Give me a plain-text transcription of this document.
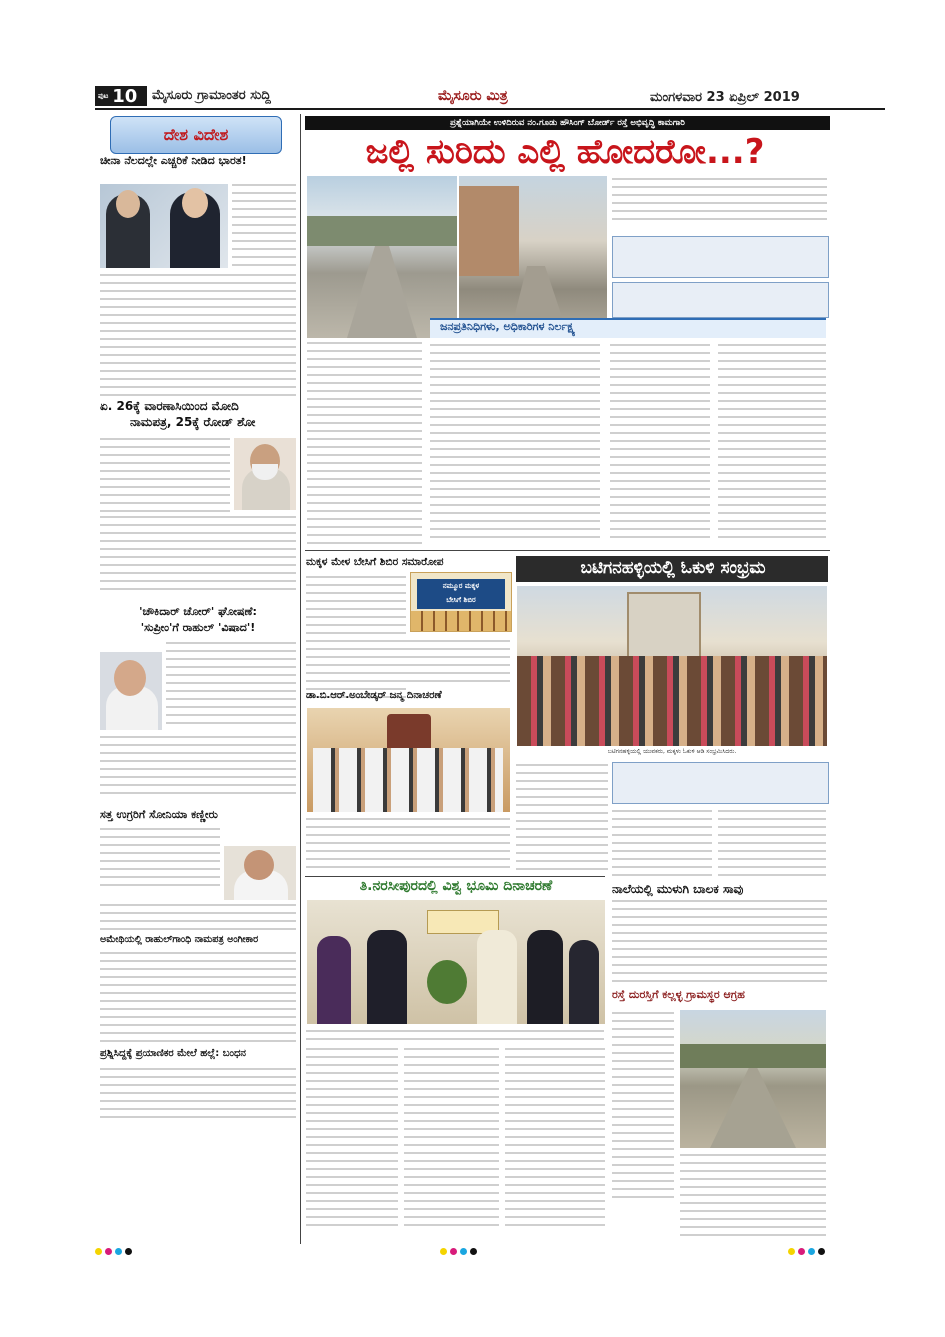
ಪುಟ 10 ಮೈಸೂರು ಗ್ರಾಮಾಂತರ ಸುದ್ದಿ	ಮೈಸೂರು ಮಿತ್ರ	ಮಂಗಳವಾರ 23 ಏಪ್ರಿಲ್ 2019
ದೇಶ ವಿದೇಶ
ಚೀನಾ ನೆಲದಲ್ಲೇ ಎಚ್ಚರಿಕೆ ನೀಡಿದ ಭಾರತ!
ಏ. 26ಕ್ಕೆ ವಾರಣಾಸಿಯಿಂದ ಮೋದಿ
ನಾಮಪತ್ರ, 25ಕ್ಕೆ ರೋಡ್ ಶೋ
'ಚೌಕಿದಾರ್ ಚೋರ್' ಘೋಷಣೆ:
'ಸುಪ್ರೀಂ'ಗೆ ರಾಹುಲ್ 'ವಿಷಾದ'!
ಸತ್ತ ಉಗ್ರರಿಗೆ ಸೋನಿಯಾ ಕಣ್ಣೀರು
ಅಮೇಥಿಯಲ್ಲಿ ರಾಹುಲ್‌ಗಾಂಧಿ ನಾಮಪತ್ರ ಅಂಗೀಕಾರ
ಪ್ರಶ್ನಿಸಿದ್ದಕ್ಕೆ ಪ್ರಯಾಣಿಕರ ಮೇಲೆ ಹಲ್ಲೆ: ಬಂಧನ
ಪ್ರಶ್ನೆಯಾಗಿಯೇ ಉಳಿದಿರುವ ನಂ.ಗೂಡು ಹೌಸಿಂಗ್ ಬೋರ್ಡ್ ರಸ್ತೆ ಅಭಿವೃದ್ಧಿ ಕಾಮಗಾರಿ
ಜಲ್ಲಿ ಸುರಿದು ಎಲ್ಲಿ ಹೋದರೋ...?
ಜನಪ್ರತಿನಿಧಿಗಳು, ಅಧಿಕಾರಿಗಳ ನಿರ್ಲಕ್ಷ್ಯ
ಮಕ್ಕಳ ಮೇಳ ಬೇಸಿಗೆ ಶಿಬಿರ ಸಮಾರೋಪ
ನಮ್ಮೂರ ಮಕ್ಕಳ
ಬೇಸಿಗೆ ಶಿಬಿರ
ಡಾ.ಬಿ.ಆರ್.ಅಂಬೇಡ್ಕರ್ ಜನ್ಮ ದಿನಾಚರಣೆ
ಬಟಿಗನಹಳ್ಳಿಯಲ್ಲಿ ಓಕುಳಿ ಸಂಭ್ರಮ
ಬಟಿಗನಹಳ್ಳಿಯಲ್ಲಿ ಯುವಕರು, ಮಕ್ಕಳು ಓಕುಳಿ ಆಡಿ ಸಂಭ್ರಮಿಸಿದರು.
ತಿ.ನರಸೀಪುರದಲ್ಲಿ ವಿಶ್ವ ಭೂಮಿ ದಿನಾಚರಣೆ	ನಾಲೆಯಲ್ಲಿ ಮುಳುಗಿ ಬಾಲಕ ಸಾವು
ರಸ್ತೆ ದುರಸ್ತಿಗೆ ಕಲ್ಲಳ್ಳ ಗ್ರಾಮಸ್ಥರ ಆಗ್ರಹ
